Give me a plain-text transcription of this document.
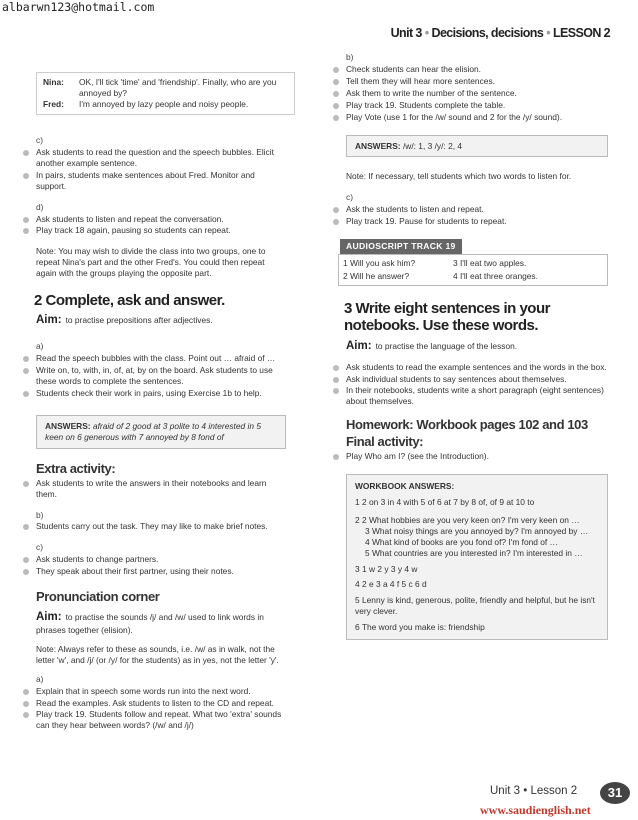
albarwn123@hotmail.com
Unit 3 • Decisions, decisions • LESSON 2
Nina:	OK, I'll tick 'time' and 'friendship'. Finally, who are you annoyed by?
Fred:	I'm annoyed by lazy people and noisy people.

c)

Ask students to read the question and the speech bubbles. Elicit another example sentence.

In pairs, students make sentences about Fred. Monitor and support.

d)

Ask students to listen and repeat the conversation.

Play track 18 again, pausing so students can repeat.

Note: You may wish to divide the class into two groups, one to repeat Nina's part and the other Fred's. You could then repeat again with the groups playing the opposite part.

2 Complete, ask and answer.

Aim: to practise prepositions after adjectives.

a)

Read the speech bubbles with the class. Point out … afraid of …

Write on, to, with, in, of, at, by on the board. Ask students to use these words to complete the sentences.

Students check their work in pairs, using Exercise 1b to help.

ANSWERS: afraid of 2 good at 3 polite to 4 interested in 5 keen on 6 generous with 7 annoyed by 8 fond of
Extra activity:

Ask students to write the answers in their notebooks and learn them.

b)

Students carry out the task. They may like to make brief notes.

c)

Ask students to change partners.

They speak about their first partner, using their notes.

Pronunciation corner

Aim: to practise the sounds /j/ and /w/ used to link words in phrases together (elision).

Note: Always refer to these as sounds, i.e. /w/ as in walk, not the letter 'w', and /j/ (or /y/ for the students) as in yes, not the letter 'y'.

a)

Explain that in speech some words run into the next word.

Read the examples. Ask students to listen to the CD and repeat.

Play track 19. Students follow and repeat. What two 'extra' sounds can they hear between words? (/w/ and /j/)

b)

Check students can hear the elision.

Tell them they will hear more sentences.

Ask them to write the number of the sentence.

Play track 19. Students complete the table.

Play Vote (use 1 for the /w/ sound and 2 for the /y/ sound).

ANSWERS: /w/: 1, 3 /y/: 2, 4

Note: If necessary, tell students which two words to listen for.

c)

Ask the students to listen and repeat.

Play track 19. Pause for students to repeat.

AUDIOSCRIPT TRACK 19
1 Will you ask him?	3 I'll eat two apples.
2 Will he answer?	4 I'll eat three oranges.
3 Write eight sentences in your notebooks. Use these words.

Aim: to practise the language of the lesson.

Ask students to read the example sentences and the words in the box.

Ask individual students to say sentences about themselves.

In their notebooks, students write a short paragraph (eight sentences) about themselves.

Homework: Workbook pages 102 and 103
Final activity:

Play Who am I? (see the Introduction).

WORKBOOK ANSWERS:

1 2 on 3 in 4 with 5 of 6 at 7 by 8 of, of 9 at 10 to

2 2 What hobbies are you very keen on? I'm very keen on …

3 What noisy things are you annoyed by? I'm annoyed by …

4 What kind of books are you fond of? I'm fond of …

5 What countries are you interested in? I'm interested in …

3 1 w 2 y 3 y 4 w

4 2 e 3 a 4 f 5 c 6 d

5 Lenny is kind, generous, polite, friendly and helpful, but he isn't very clever.

6 The word you make is: friendship

Unit 3 • Lesson 2	31
www.saudienglish.net
